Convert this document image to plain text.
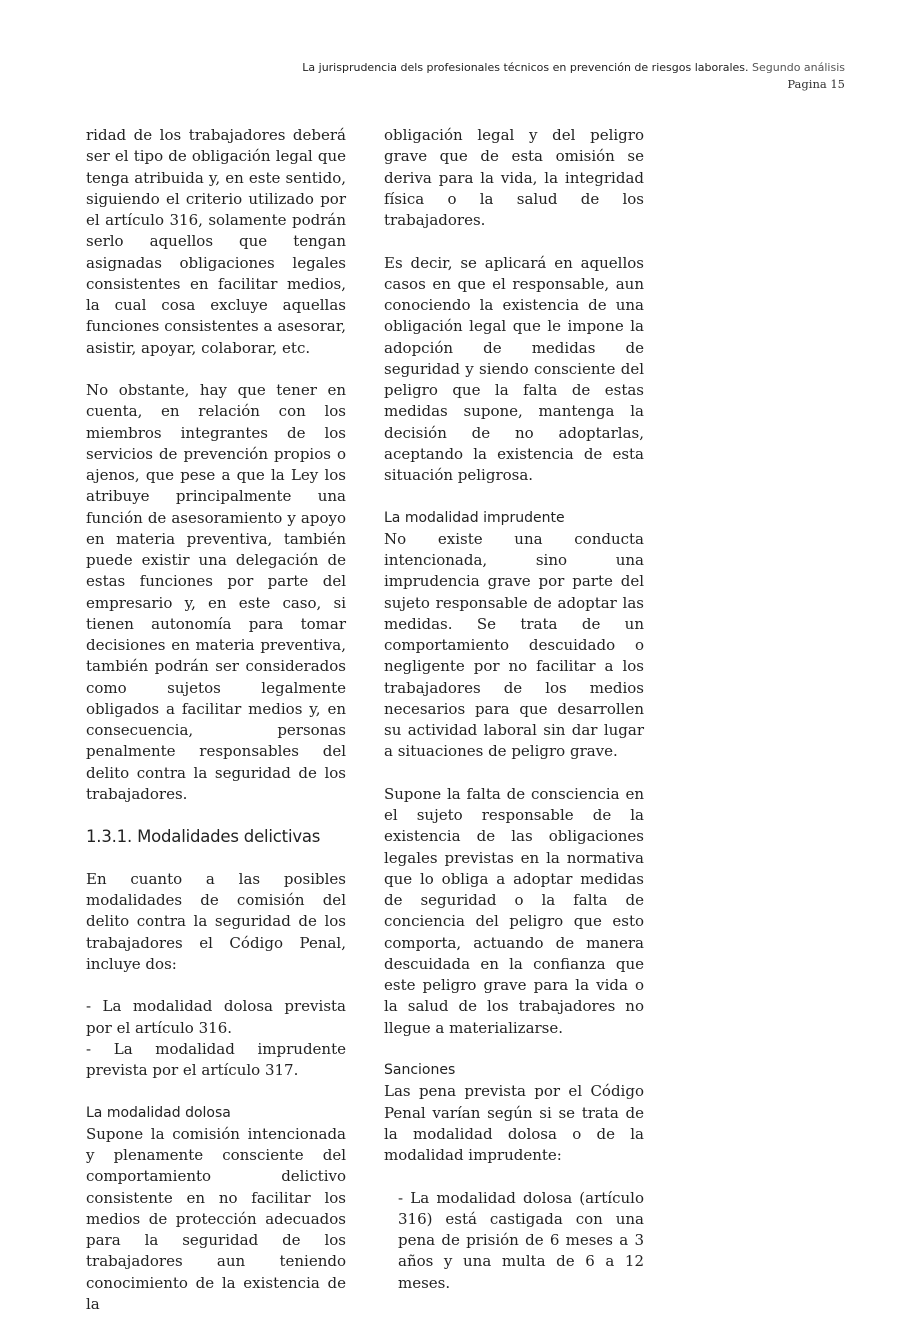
La jurisprudencia dels profesionales técnicos en prevención de riesgos laborales. Segundo análisis
Pagina 15

ridad de los trabajadores deberá ser el tipo de obligación legal que tenga atribuida y, en este sentido, siguiendo el criterio utilizado por el artículo 316, solamente podrán serlo aquellos que tengan asignadas obligaciones legales consistentes en facilitar medios, la cual cosa excluye aquellas funciones consistentes a asesorar, asistir, apoyar, colaborar, etc.

No obstante, hay que tener en cuenta, en relación con los miembros integrantes de los servicios de prevención propios o ajenos, que pese a que la Ley los atribuye principalmente una función de asesoramiento y apoyo en materia preventiva, también puede existir una delegación de estas funciones por parte del empresario y, en este caso, si tienen autonomía para tomar decisiones en materia preventiva, también podrán ser considerados como sujetos legalmente obligados a facilitar medios y, en consecuencia, personas penalmente responsables del delito contra la seguridad de los trabajadores.

1.3.1. Modalidades delictivas

En cuanto a las posibles modalidades de comisión del delito contra la seguridad de los trabajadores el Código Penal, incluye dos:

- La modalidad dolosa prevista por el artículo 316.

- La modalidad imprudente prevista por el artículo 317.

La modalidad dolosa

Supone la comisión intencionada y plenamente consciente del comportamiento delictivo consistente en no facilitar los medios de protección adecuados para la seguridad de los trabajadores aun teniendo conocimiento de la existencia de la

obligación legal y del peligro grave que de esta omisión se deriva para la vida, la integridad física o la salud de los trabajadores.

Es decir, se aplicará en aquellos casos en que el responsable, aun conociendo la existencia de una obligación legal que le impone la adopción de medidas de seguridad y siendo consciente del peligro que la falta de estas medidas supone, mantenga la decisión de no adoptarlas, aceptando la existencia de esta situación peligrosa.

La modalidad imprudente

No existe una conducta intencionada, sino una imprudencia grave por parte del sujeto responsable de adoptar las medidas. Se trata de un comportamiento descuidado o negligente por no facilitar a los trabajadores de los medios necesarios para que desarrollen su actividad laboral sin dar lugar a situaciones de peligro grave.

Supone la falta de consciencia en el sujeto responsable de la existencia de las obligaciones legales previstas en la normativa que lo obliga a adoptar medidas de seguridad o la falta de conciencia del peligro que esto comporta, actuando de manera descuidada en la confianza que este peligro grave para la vida o la salud de los trabajadores no llegue a materializarse.

Sanciones

Las pena prevista por el Código Penal varían según si se trata de la modalidad dolosa o de la modalidad imprudente:

- La modalidad dolosa (artículo 316) está castigada con una pena de prisión de 6 meses a 3 años y una multa de 6 a 12 meses.
